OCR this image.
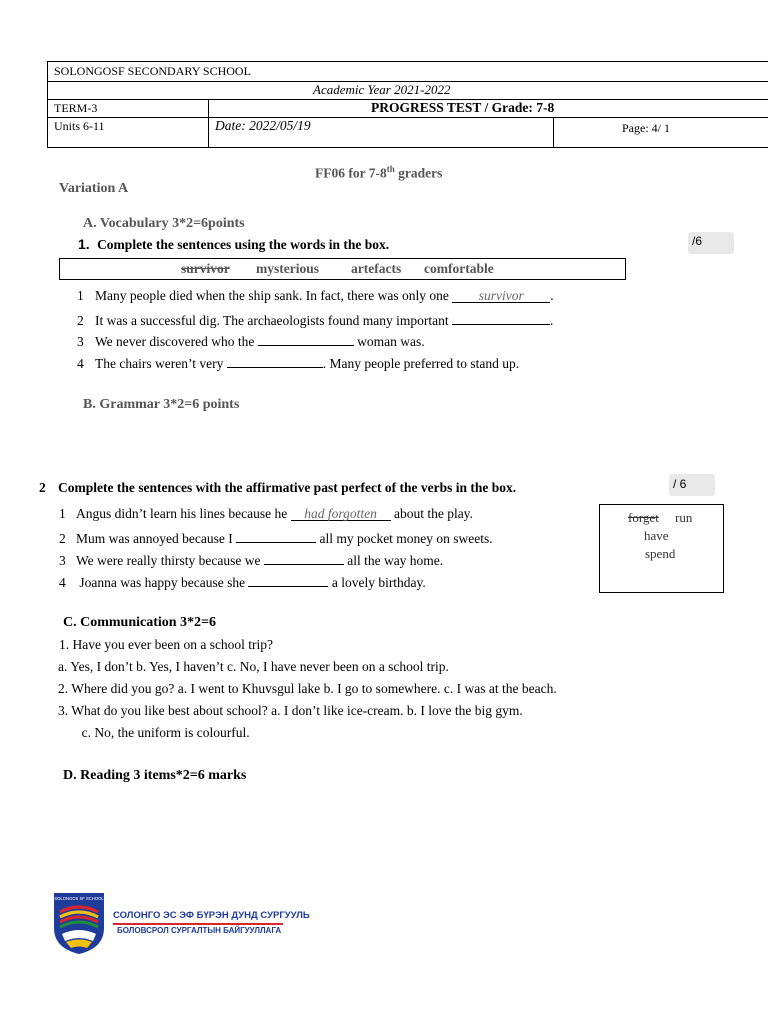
SOLONGOSF SECONDARY SCHOOL
Academic Year 2021-2022
TERM-3	PROGRESS TEST / Grade: 7-8
Units 6-11	Date: 2022/05/19	Page: 4/ 1
FF06 for 7-8th graders
Variation A
A. Vocabulary 3*2=6points
1. Complete the sentences using the words in the box.	/6
survivor mysterious artefacts comfortable
1 Many people died when the ship sank. In fact, there was only one survivor .
2 It was a successful dig. The archaeologists found many important	.
3 We never discovered who the	woman was.
4 The chairs weren’t very	. Many people preferred to stand up.
B. Grammar 3*2=6 points
2 Complete the sentences with the affirmative past perfect of the verbs in the box.	/ 6
1 Angus didn’t learn his lines because he had forgotten about the play.
2 Mum was annoyed because I	all my pocket money on sweets.
3 We were really thirsty because we	all the way home.
4 Joanna was happy because she	a lovely birthday.
forget run
have
spend
C. Communication 3*2=6
1. Have you ever been on a school trip?
a. Yes, I don’t b. Yes, I haven’t c. No, I have never been on a school trip.
2. Where did you go? a. I went to Khuvsgul lake b. I go to somewhere. c. I was at the beach.
3. What do you like best about school? a. I don’t like ice-cream. b. I love the big gym.
c. No, the uniform is colourful.
D. Reading 3 items*2=6 marks
SOLONGOS SF SCHOOL
СОЛОНГО ЭС ЭФ БҮРЭН ДУНД СУРГУУЛЬ
БОЛОВСРОЛ СУРГАЛТЫН БАЙГУУЛЛАГА
